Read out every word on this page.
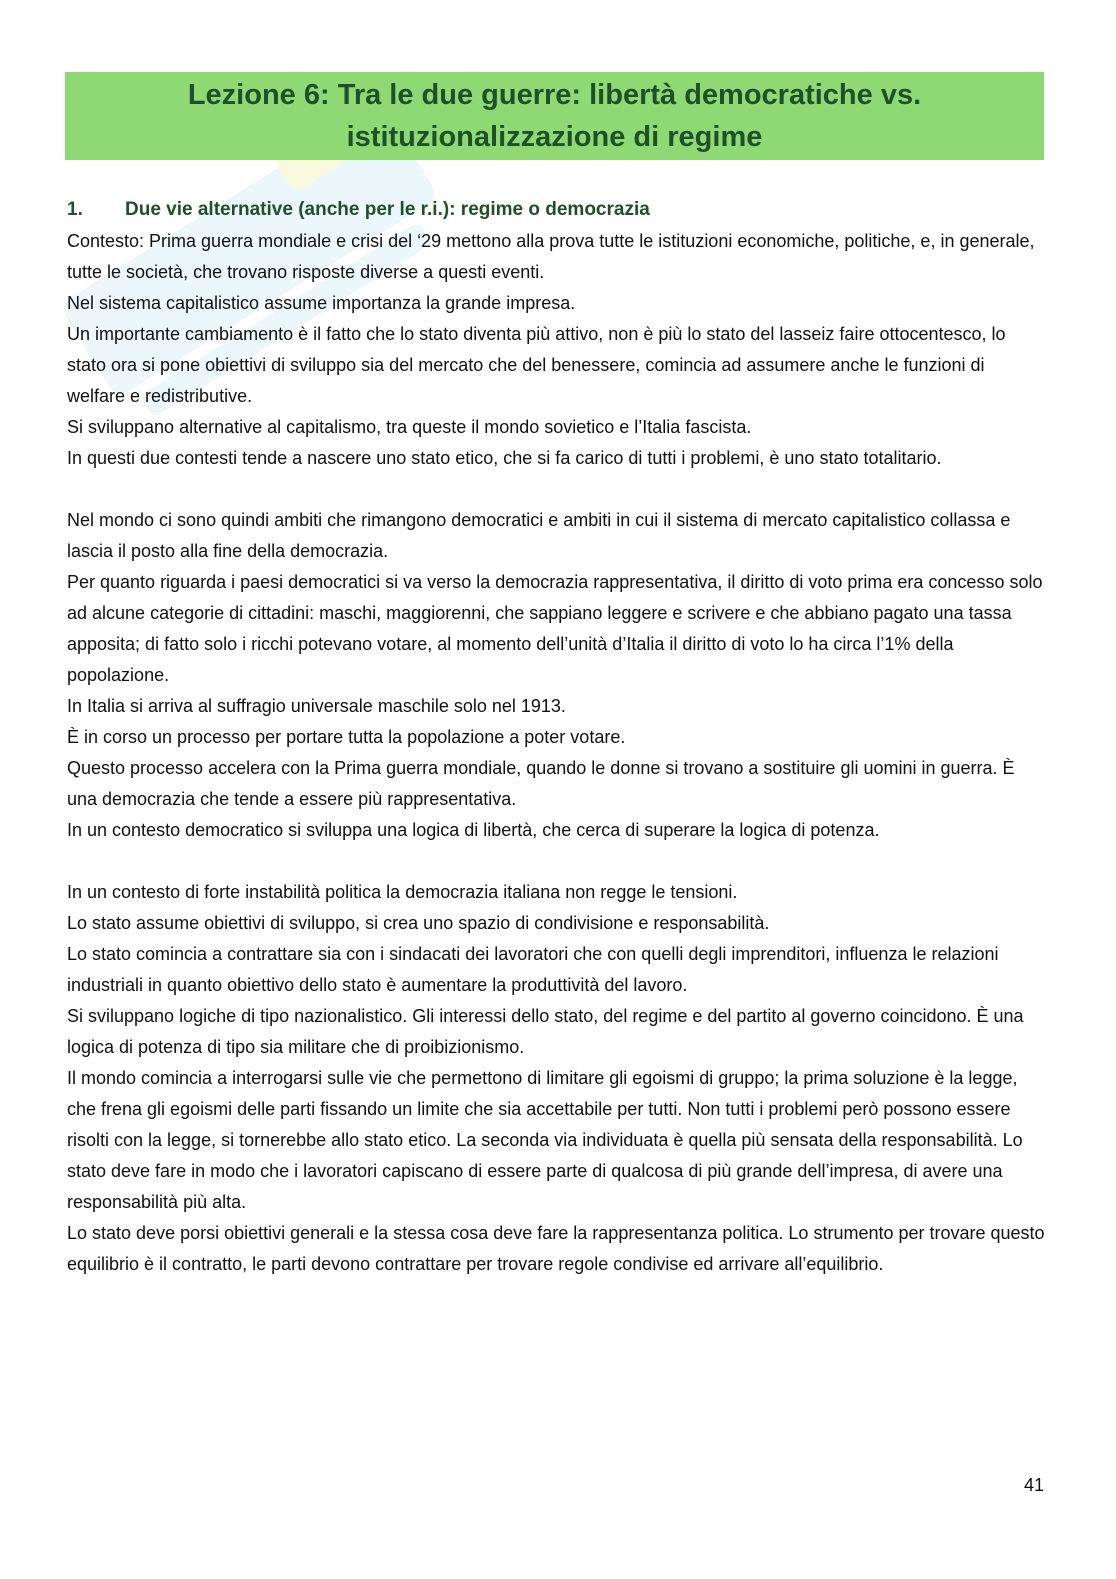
Lezione 6: Tra le due guerre: libertà democratiche vs.
istituzionalizzazione di regime
1. Due vie alternative (anche per le r.i.): regime o democrazia

Contesto: Prima guerra mondiale e crisi del ‘29 mettono alla prova tutte le istituzioni economiche, politiche, e, in generale, tutte le società, che trovano risposte diverse a questi eventi.

Nel sistema capitalistico assume importanza la grande impresa.

Un importante cambiamento è il fatto che lo stato diventa più attivo, non è più lo stato del lasseiz faire ottocentesco, lo stato ora si pone obiettivi di sviluppo sia del mercato che del benessere, comincia ad assumere anche le funzioni di welfare e redistributive.

Si sviluppano alternative al capitalismo, tra queste il mondo sovietico e l’Italia fascista.

In questi due contesti tende a nascere uno stato etico, che si fa carico di tutti i problemi, è uno stato totalitario.

Nel mondo ci sono quindi ambiti che rimangono democratici e ambiti in cui il sistema di mercato capitalistico collassa e lascia il posto alla fine della democrazia.

Per quanto riguarda i paesi democratici si va verso la democrazia rappresentativa, il diritto di voto prima era concesso solo ad alcune categorie di cittadini: maschi, maggiorenni, che sappiano leggere e scrivere e che abbiano pagato una tassa apposita; di fatto solo i ricchi potevano votare, al momento dell’unità d’Italia il diritto di voto lo ha circa l’1% della popolazione.

In Italia si arriva al suffragio universale maschile solo nel 1913.

È in corso un processo per portare tutta la popolazione a poter votare.

Questo processo accelera con la Prima guerra mondiale, quando le donne si trovano a sostituire gli uomini in guerra. È una democrazia che tende a essere più rappresentativa.

In un contesto democratico si sviluppa una logica di libertà, che cerca di superare la logica di potenza.

In un contesto di forte instabilità politica la democrazia italiana non regge le tensioni.

Lo stato assume obiettivi di sviluppo, si crea uno spazio di condivisione e responsabilità.

Lo stato comincia a contrattare sia con i sindacati dei lavoratori che con quelli degli imprenditori, influenza le relazioni industriali in quanto obiettivo dello stato è aumentare la produttività del lavoro.

Si sviluppano logiche di tipo nazionalistico. Gli interessi dello stato, del regime e del partito al governo coincidono. È una logica di potenza di tipo sia militare che di proibizionismo.

Il mondo comincia a interrogarsi sulle vie che permettono di limitare gli egoismi di gruppo; la prima soluzione è la legge, che frena gli egoismi delle parti fissando un limite che sia accettabile per tutti. Non tutti i problemi però possono essere risolti con la legge, si tornerebbe allo stato etico. La seconda via individuata è quella più sensata della responsabilità. Lo stato deve fare in modo che i lavoratori capiscano di essere parte di qualcosa di più grande dell’impresa, di avere una responsabilità più alta.

Lo stato deve porsi obiettivi generali e la stessa cosa deve fare la rappresentanza politica. Lo strumento per trovare questo equilibrio è il contratto, le parti devono contrattare per trovare regole condivise ed arrivare all’equilibrio.

41
